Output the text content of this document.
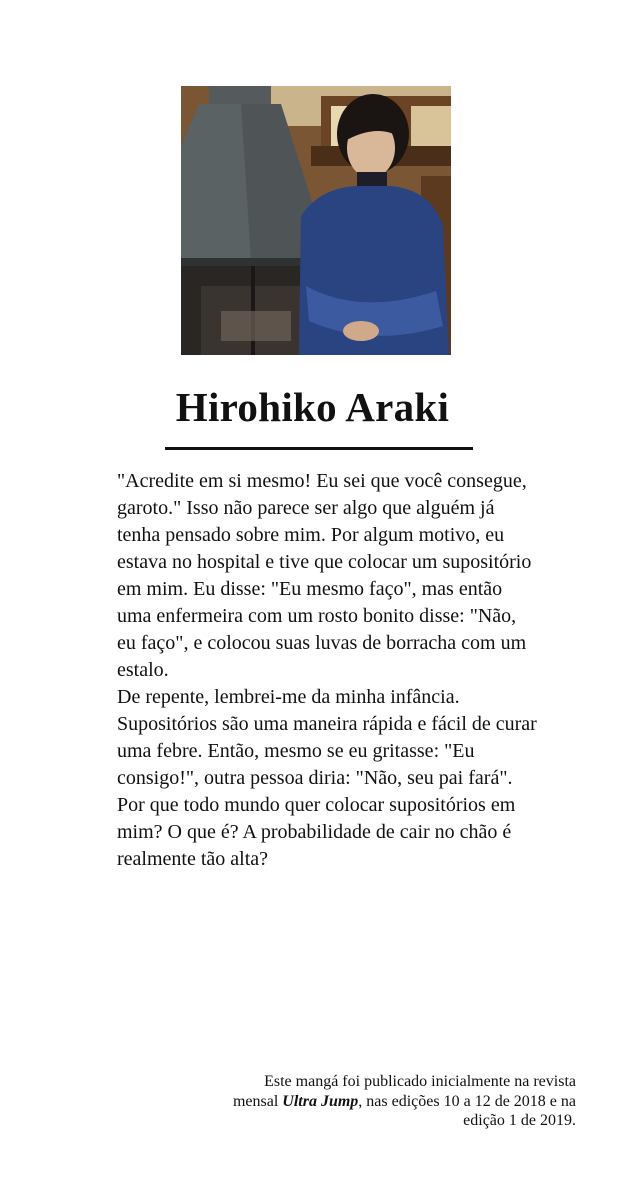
Hirohiko Araki

"Acredite em si mesmo! Eu sei que você consegue, garoto." Isso não parece ser algo que alguém já tenha pensado sobre mim. Por algum motivo, eu estava no hospital e tive que colocar um supositório em mim. Eu disse: "Eu mesmo faço", mas então uma enfermeira com um rosto bonito disse: "Não, eu faço", e colocou suas luvas de borracha com um estalo.

De repente, lembrei-me da minha infância. Supositórios são uma maneira rápida e fácil de curar uma febre. Então, mesmo se eu gritasse: "Eu consigo!", outra pessoa diria: "Não, seu pai fará". Por que todo mundo quer colocar supositórios em mim? O que é? A probabilidade de cair no chão é realmente tão alta?

Este mangá foi publicado inicialmente na revista mensal Ultra Jump, nas edições 10 a 12 de 2018 e na edição 1 de 2019.
